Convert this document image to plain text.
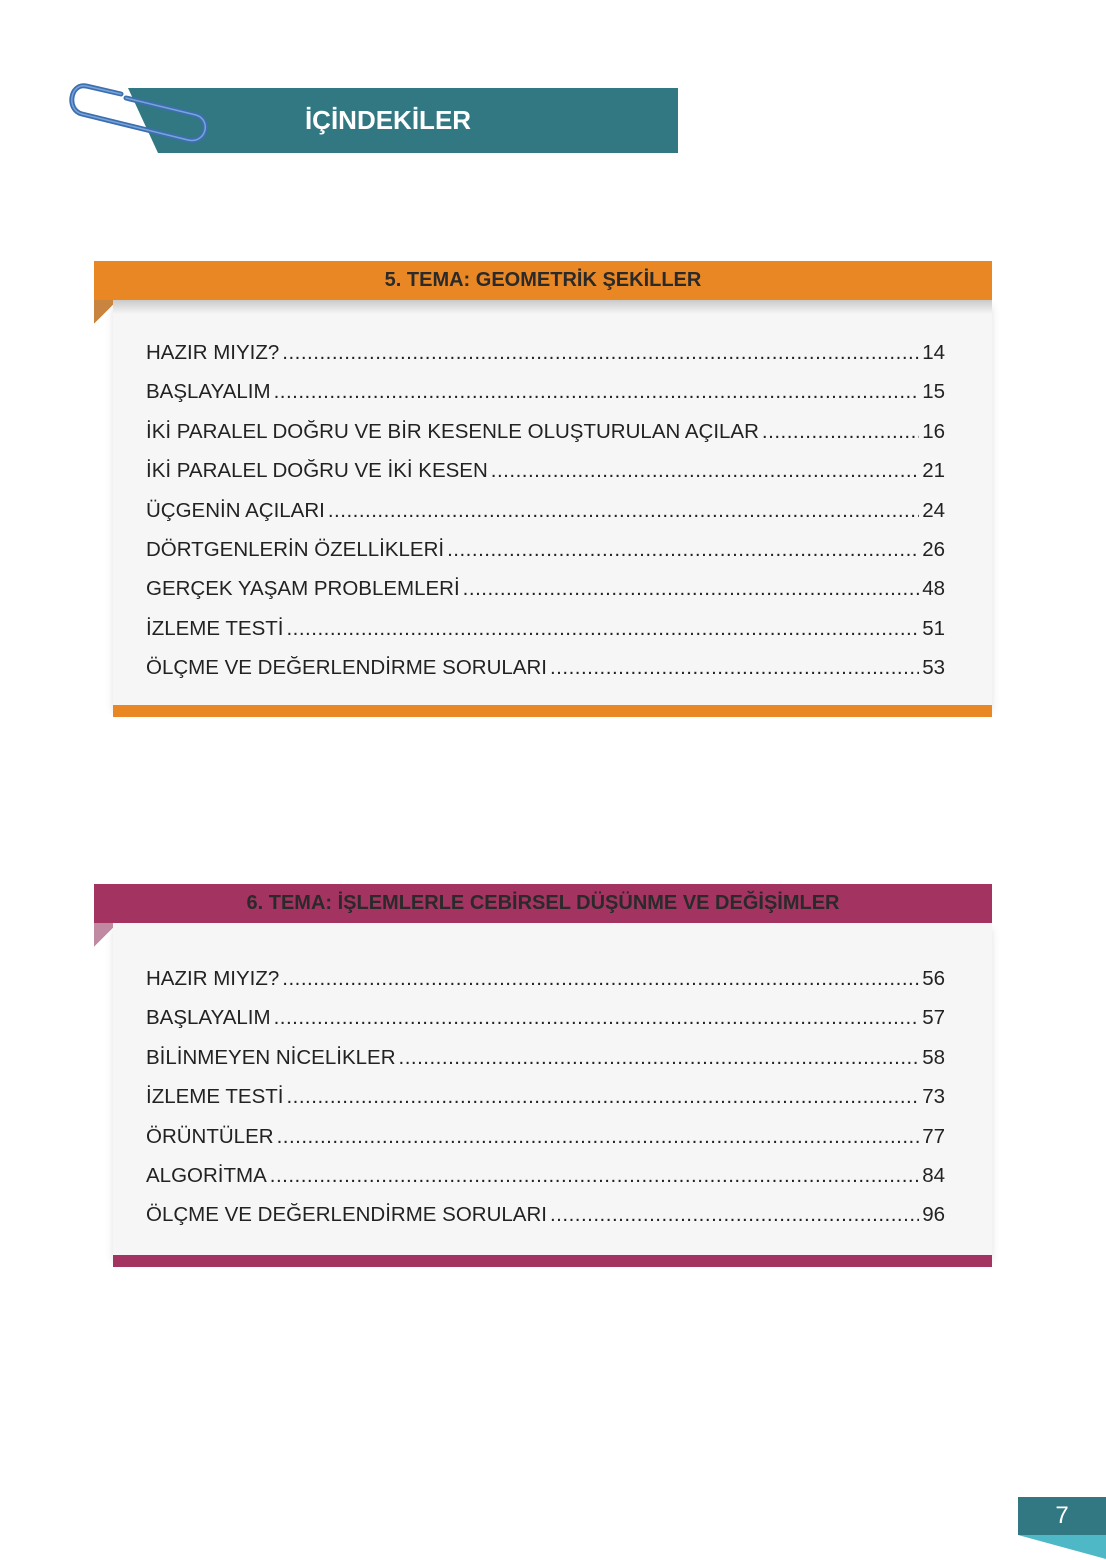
İÇİNDEKİLER
5. TEMA: GEOMETRİK ŞEKİLLER
HAZIR MIYIZ? .....	14
BAŞLAYALIM .....	15
İKİ PARALEL DOĞRU VE BİR KESENLE OLUŞTURULAN AÇILAR .....	16
İKİ PARALEL DOĞRU VE İKİ KESEN .....	21
ÜÇGENİN AÇILARI .....	24
DÖRTGENLERİN ÖZELLİKLERİ .....	26
GERÇEK YAŞAM PROBLEMLERİ .....	48
İZLEME TESTİ .....	51
ÖLÇME VE DEĞERLENDİRME SORULARI .....	53
6. TEMA: İŞLEMLERLE CEBİRSEL DÜŞÜNME VE DEĞİŞİMLER
HAZIR MIYIZ? .....	56
BAŞLAYALIM .....	57
BİLİNMEYEN NİCELİKLER .....	58
İZLEME TESTİ .....	73
ÖRÜNTÜLER .....	77
ALGORİTMA .....	84
ÖLÇME VE DEĞERLENDİRME SORULARI .....	96
7
